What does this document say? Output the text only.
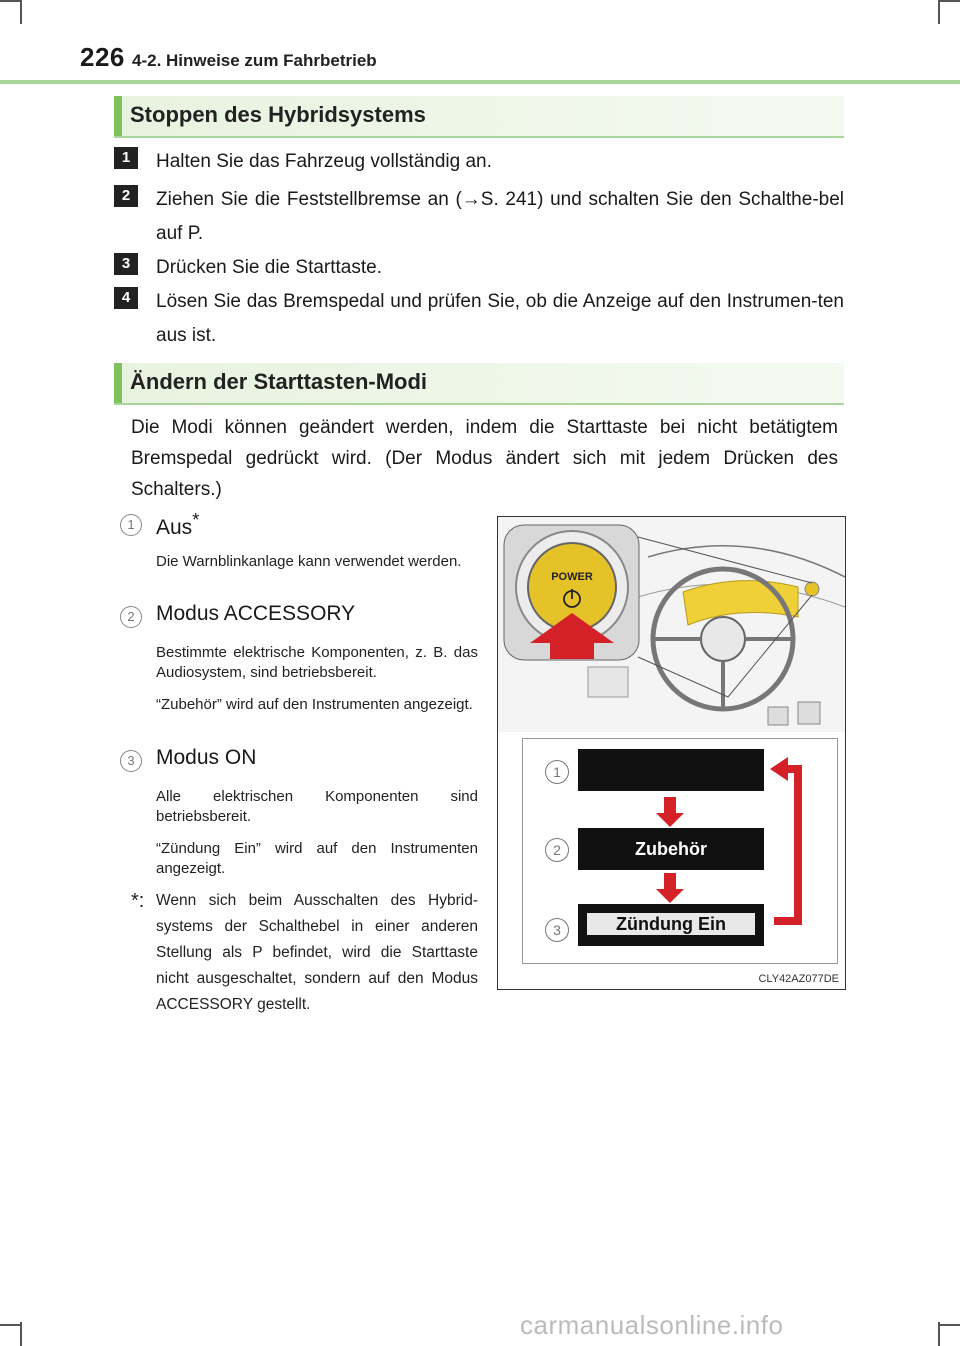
226 4-2. Hinweise zum Fahrbetrieb
Stoppen des Hybridsystems
1	Halten Sie das Fahrzeug vollständig an.
2	Ziehen Sie die Feststellbremse an (→S. 241) und schalten Sie den Schalthe-bel auf P.
3	Drücken Sie die Starttaste.
4	Lösen Sie das Bremspedal und prüfen Sie, ob die Anzeige auf den Instrumen-ten aus ist.
Ändern der Starttasten-Modi
Die Modi können geändert werden, indem die Starttaste bei nicht betätigtem Bremspedal gedrückt wird. (Der Modus ändert sich mit jedem Drücken des Schalters.)
1	Aus*
Die Warnblinkanlage kann verwendet werden.
2	Modus ACCESSORY
Bestimmte elektrische Komponenten, z. B. das Audiosystem, sind betriebsbereit.
“Zubehör” wird auf den Instrumenten angezeigt.
3	Modus ON
Alle elektrischen Komponenten sind betriebsbereit.
“Zündung Ein” wird auf den Instrumenten angezeigt.
*: Wenn sich beim Ausschalten des Hybrid-systems der Schalthebel in einer anderen Stellung als P befindet, wird die Starttaste nicht ausgeschaltet, sondern auf den Modus ACCESSORY gestellt.
POWER
1
2
3
Zubehör
Zündung Ein
CLY42AZ077DE
carmanualsonline.info
